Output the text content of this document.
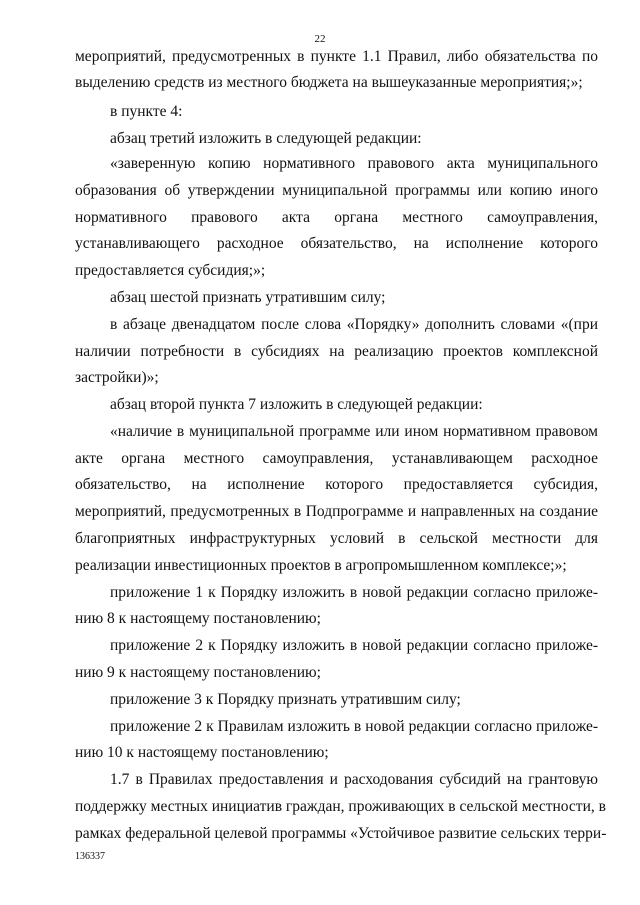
22
мероприятий, предусмотренных в пункте 1.1 Правил, либо обязательства по
выделению средств из местного бюджета на вышеуказанные мероприятия;»;
в пункте 4:
абзац третий изложить в следующей редакции:
«заверенную копию нормативного правового акта муниципального
образования об утверждении муниципальной программы или копию иного
нормативного правового акта органа местного самоуправления,
устанавливающего расходное обязательство, на исполнение которого
предоставляется субсидия;»;
абзац шестой признать утратившим силу;
в абзаце двенадцатом после слова «Порядку» дополнить словами «(при
наличии потребности в субсидиях на реализацию проектов комплексной
застройки)»;
абзац второй пункта 7 изложить в следующей редакции:
«наличие в муниципальной программе или ином нормативном правовом
акте органа местного самоуправления, устанавливающем расходное
обязательство, на исполнение которого предоставляется субсидия,
мероприятий, предусмотренных в Подпрограмме и направленных на создание
благоприятных инфраструктурных условий в сельской местности для
реализации инвестиционных проектов в агропромышленном комплексе;»;
приложение 1 к Порядку изложить в новой редакции согласно приложе-
нию 8 к настоящему постановлению;
приложение 2 к Порядку изложить в новой редакции согласно приложе-
нию 9 к настоящему постановлению;
приложение 3 к Порядку признать утратившим силу;
приложение 2 к Правилам изложить в новой редакции согласно приложе-
нию 10 к настоящему постановлению;
1.7 в Правилах предоставления и расходования субсидий на грантовую
поддержку местных инициатив граждан, проживающих в сельской местности, в
рамках федеральной целевой программы «Устойчивое развитие сельских терри-
136337
